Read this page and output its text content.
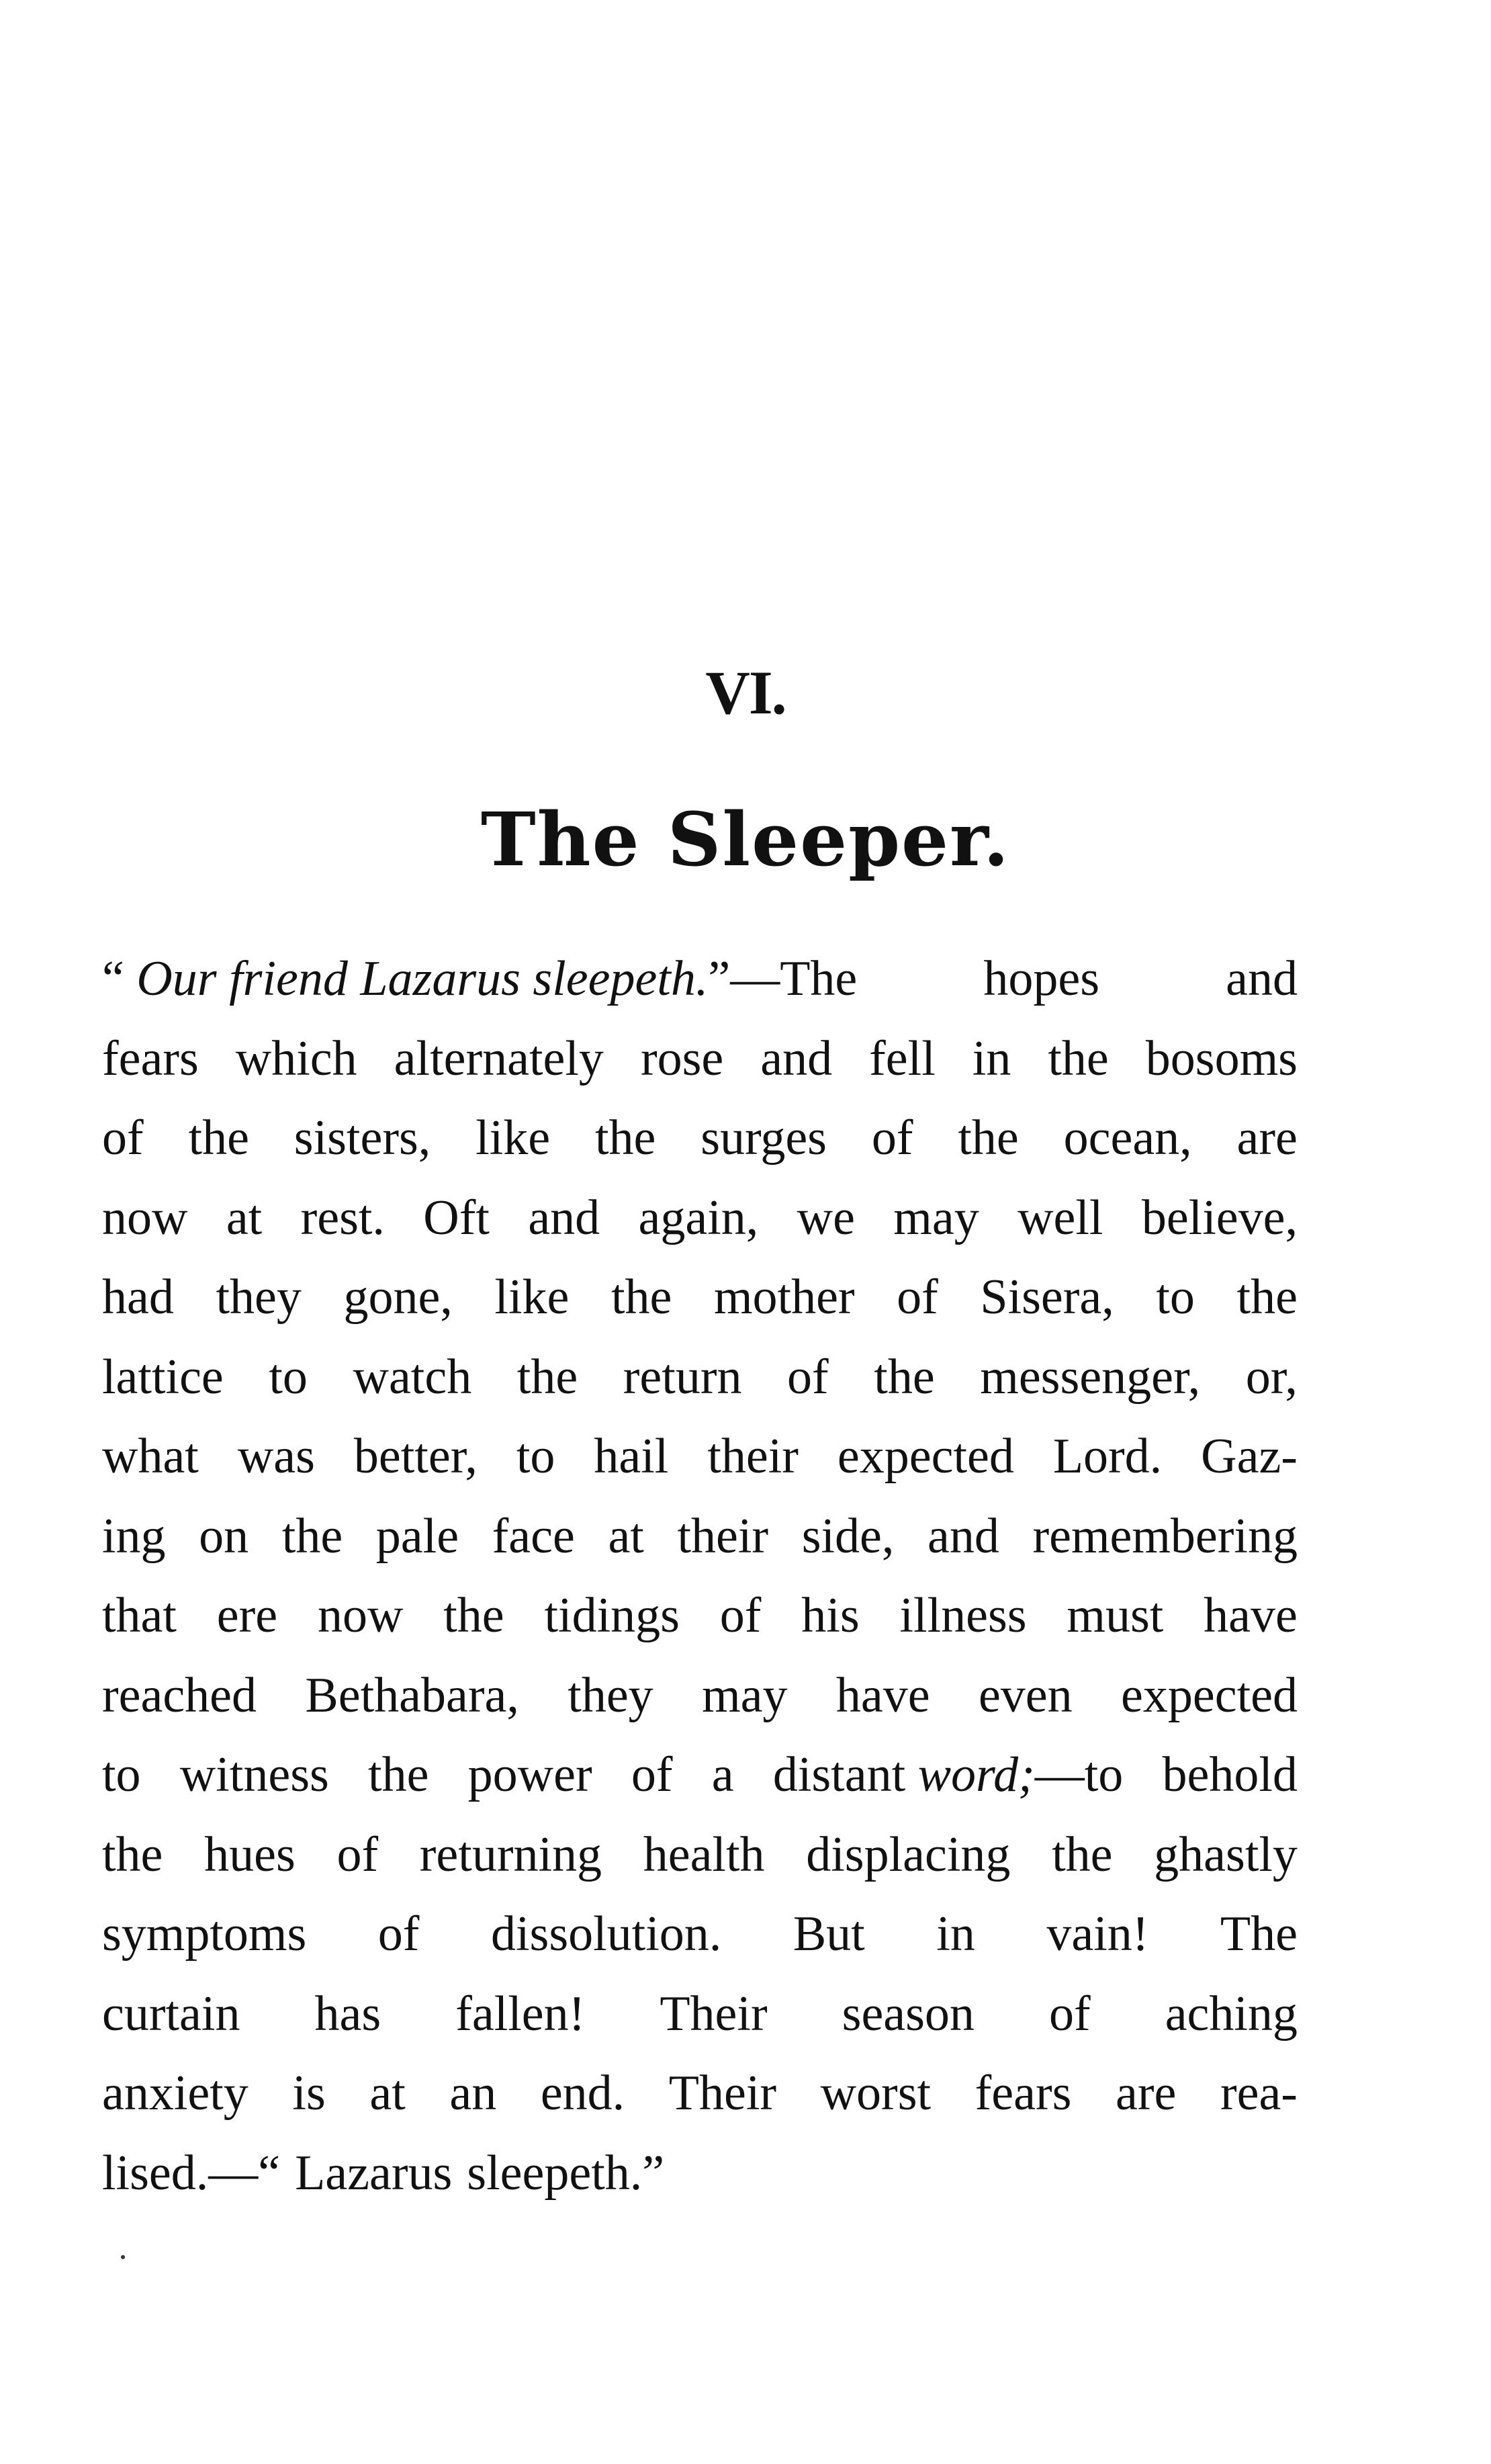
VI.
The Sleeper.
“ Our friend Lazarus sleepeth.”—The	hopes	and
fears which alternately rose and fell in the bosoms
of the sisters, like the surges of the ocean, are
now at rest. Oft and again, we may well believe,
had they gone, like the mother of Sisera, to the
lattice to watch the return of the messenger, or,
what was better, to hail their expected Lord. Gaz-
ing on the pale face at their side, and remembering
that ere now the tidings of his illness must have
reached Bethabara, they may have even expected
to witness the power of a distant word;—to behold
the hues of returning health displacing the ghastly
symptoms of dissolution. But in vain! The
curtain has fallen! Their season of aching
anxiety is at an end. Their worst fears are rea-
lised.—“ Lazarus sleepeth.”
